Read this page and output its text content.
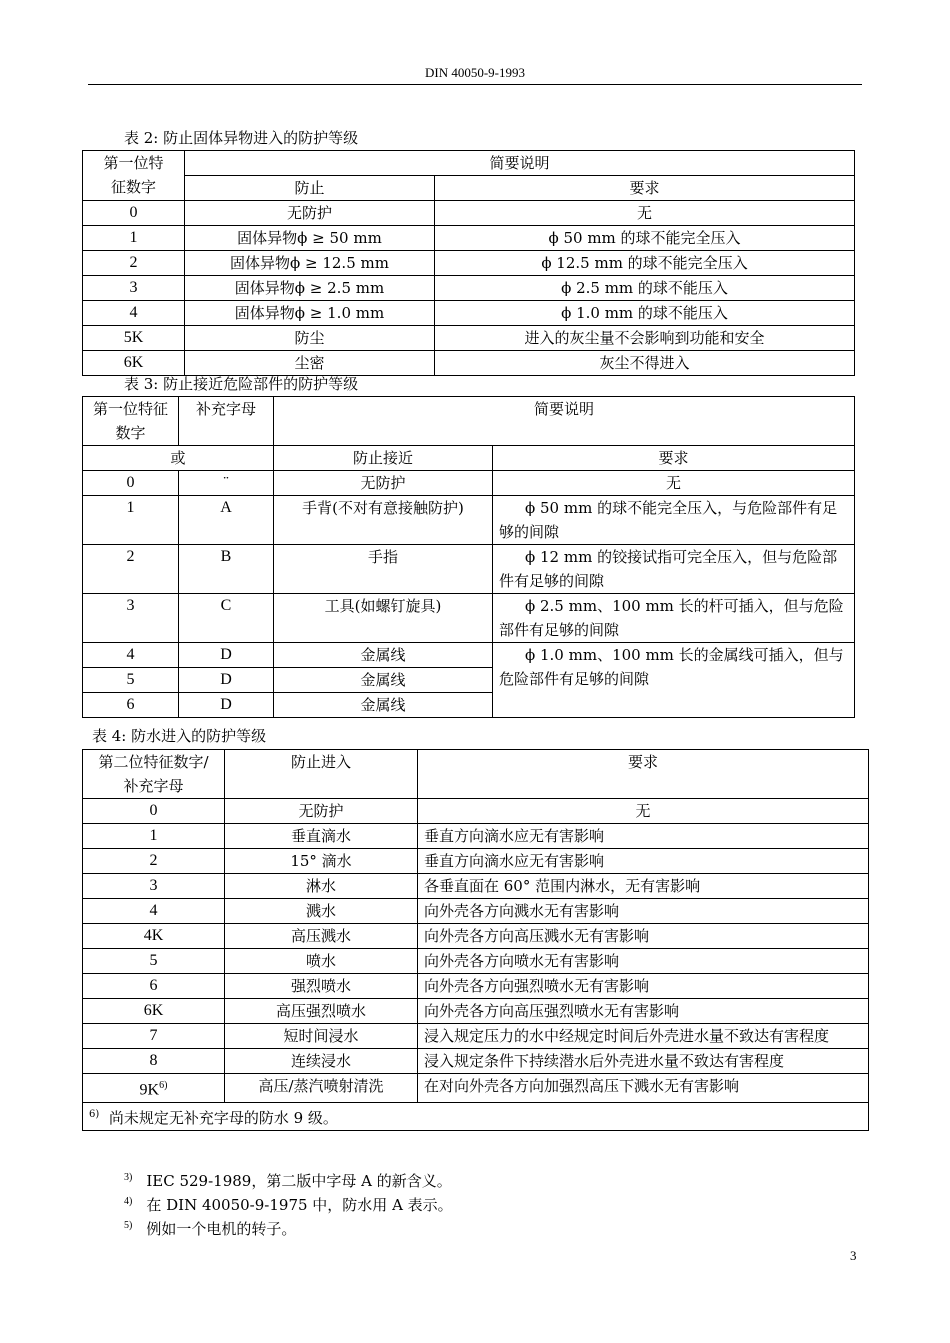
DIN 40050-9-1993
表 2: 防止固体异物进入的防护等级
第一位特征数字	简要说明	
	防止	要求
0	无防护	无
1	固体异物ϕ ≥ 50 mm	ϕ 50 mm 的球不能完全压入
2	固体异物ϕ ≥ 12.5 mm	ϕ 12.5 mm 的球不能完全压入
3	固体异物ϕ ≥ 2.5 mm	ϕ 2.5 mm 的球不能压入
4	固体异物ϕ ≥ 1.0 mm	ϕ 1.0 mm 的球不能压入
5K	防尘	进入的灰尘量不会影响到功能和安全
6K	尘密	灰尘不得进入
表 3: 防止接近危险部件的防护等级
第一位特征数字	补充字母	简要说明	
或		防止接近	要求
0	¨	无防护	无
1	A	手背(不对有意接触防护)	ϕ 50 mm 的球不能完全压入，与危险部件有足够的间隙
2	B	手指	ϕ 12 mm 的铰接试指可完全压入，但与危险部件有足够的间隙
3	C	工具(如螺钉旋具)	ϕ 2.5 mm、100 mm 长的杆可插入，但与危险部件有足够的间隙
4	D	金属线	ϕ 1.0 mm、100 mm 长的金属线可插入，但与危险部件有足够的间隙
5	D	金属线	
6	D	金属线	
表 4: 防水进入的防护等级
第二位特征数字/补充字母	防止进入	要求
0	无防护	无
1	垂直滴水	垂直方向滴水应无有害影响
2	15° 滴水	垂直方向滴水应无有害影响
3	淋水	各垂直面在 60° 范围内淋水，无有害影响
4	溅水	向外壳各方向溅水无有害影响
4K	高压溅水	向外壳各方向高压溅水无有害影响
5	喷水	向外壳各方向喷水无有害影响
6	强烈喷水	向外壳各方向强烈喷水无有害影响
6K	高压强烈喷水	向外壳各方向高压强烈喷水无有害影响
7	短时间浸水	浸入规定压力的水中经规定时间后外壳进水量不致达有害程度
8	连续浸水	浸入规定条件下持续潜水后外壳进水量不致达有害程度
$9K^{6)}$	高压/蒸汽喷射清洗	在对向外壳各方向加强烈高压下溅水无有害影响
$^{6)}$ 尚未规定无补充字母的防水 9 级。		
$^{3)}$ IEC 529-1989，第二版中字母 A 的新含义。
$^{4)}$ 在 DIN 40050-9-1975 中，防水用 A 表示。
$^{5)}$ 例如一个电机的转子。
3
